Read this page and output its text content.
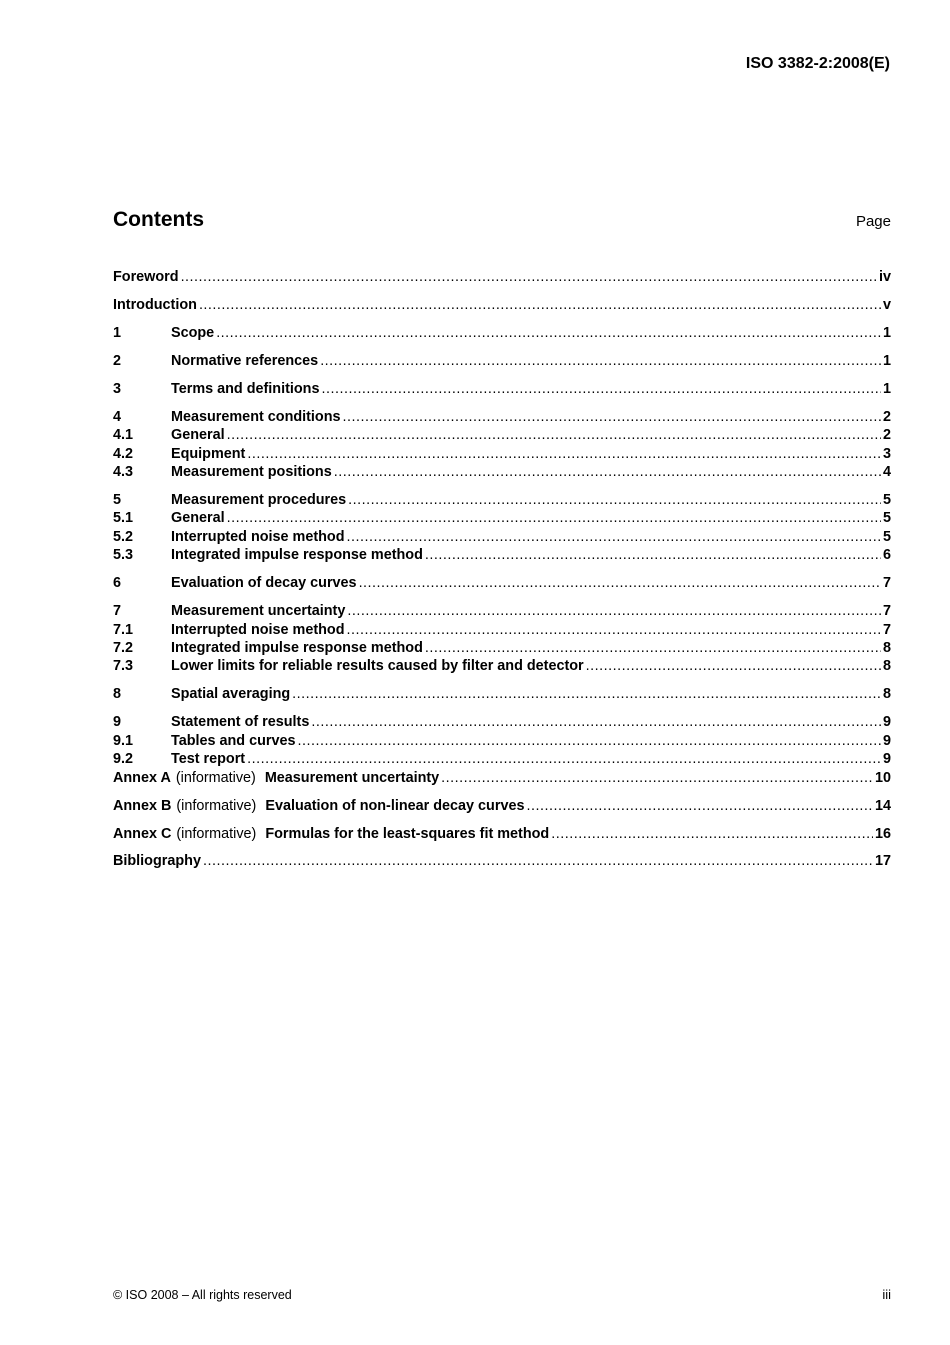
ISO 3382-2:2008(E)
Contents	Page
Foreword .....	iv
Introduction .....	v
1	Scope .....	1
2	Normative references .....	1
3	Terms and definitions .....	1
4	Measurement conditions .....	2
4.1	General .....	2
4.2	Equipment .....	3
4.3	Measurement positions .....	4
5	Measurement procedures .....	5
5.1	General .....	5
5.2	Interrupted noise method .....	5
5.3	Integrated impulse response method .....	6
6	Evaluation of decay curves .....	7
7	Measurement uncertainty .....	7
7.1	Interrupted noise method .....	7
7.2	Integrated impulse response method .....	8
7.3	Lower limits for reliable results caused by filter and detector .....	8
8	Spatial averaging .....	8
9	Statement of results .....	9
9.1	Tables and curves .....	9
9.2	Test report .....	9
Annex A (informative) Measurement uncertainty .....	10
Annex B (informative) Evaluation of non-linear decay curves .....	14
Annex C (informative) Formulas for the least-squares fit method .....	16
Bibliography .....	17
© ISO 2008 – All rights reserved	iii
